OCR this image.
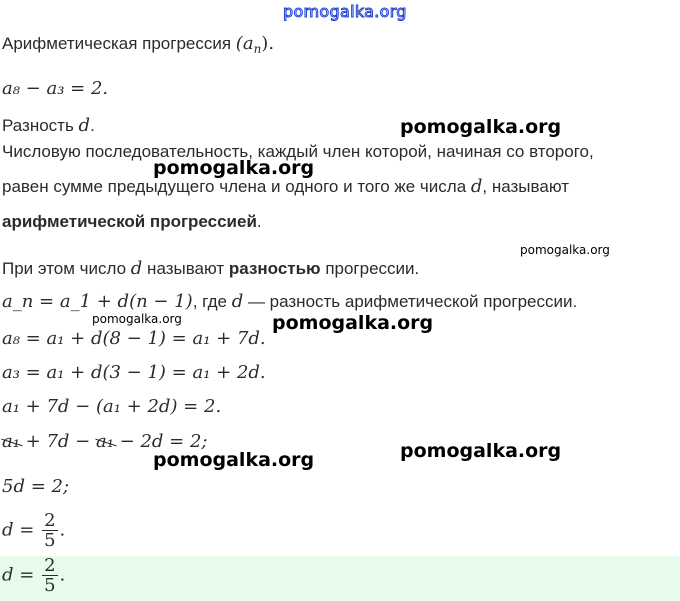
pomogalka.org
Арифметическая прогрессия $(a_n)$.
a₈ − a₃ = 2.
Разность d.
Числовую последовательность, каждый член которой, начиная со второго,
равен сумме предыдущего члена и одного и того же числа d, называют
арифметической прогрессией.
При этом число d называют разностью прогрессии.
a_n = a_1 + d(n − 1), где d — разность арифметической прогрессии.
a₈ = a₁ + d(8 − 1) = a₁ + 7d.
a₃ = a₁ + d(3 − 1) = a₁ + 2d.
a₁ + 7d − (a₁ + 2d) = 2.
a₁ + 7d − a₁ − 2d = 2;
5d = 2;
$d = \frac{2}{5}$ .
$d = \frac{2}{5}$ .
pomogalka.org
pomogalka.org
pomogalka.org
pomogalka.org	pomogalka.org
pomogalka.org
pomogalka.org
